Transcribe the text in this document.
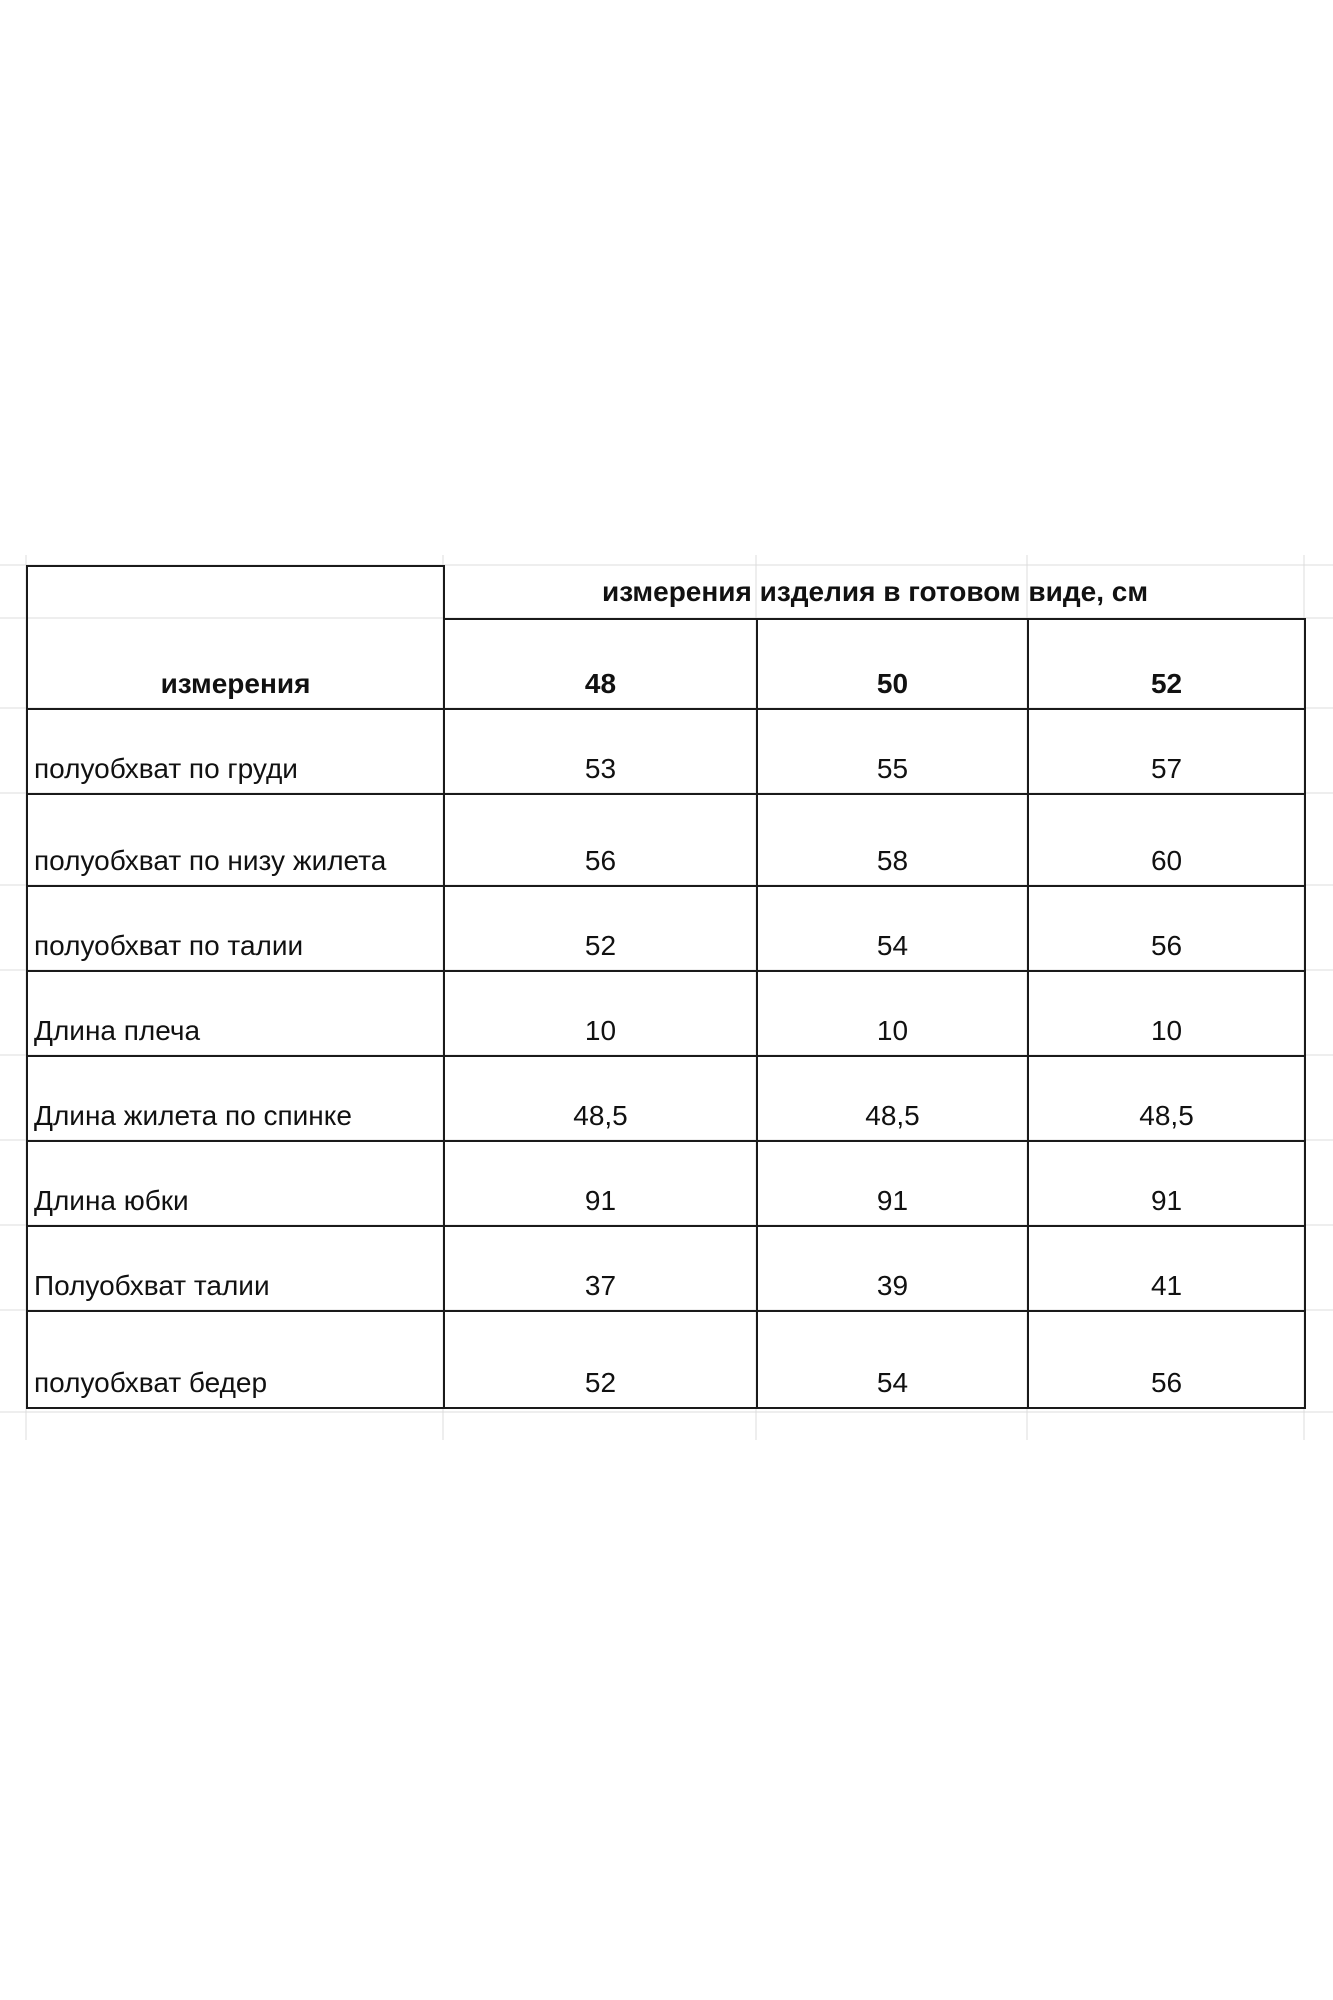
измерения	измерения изделия в готовом виде, см		
	48	50	52
полуобхват по груди	53	55	57
полуобхват по низу жилета	56	58	60
полуобхват по талии	52	54	56
Длина плеча	10	10	10
Длина жилета по спинке	48,5	48,5	48,5
Длина юбки	91	91	91
Полуобхват талии	37	39	41
полуобхват бедер	52	54	56
